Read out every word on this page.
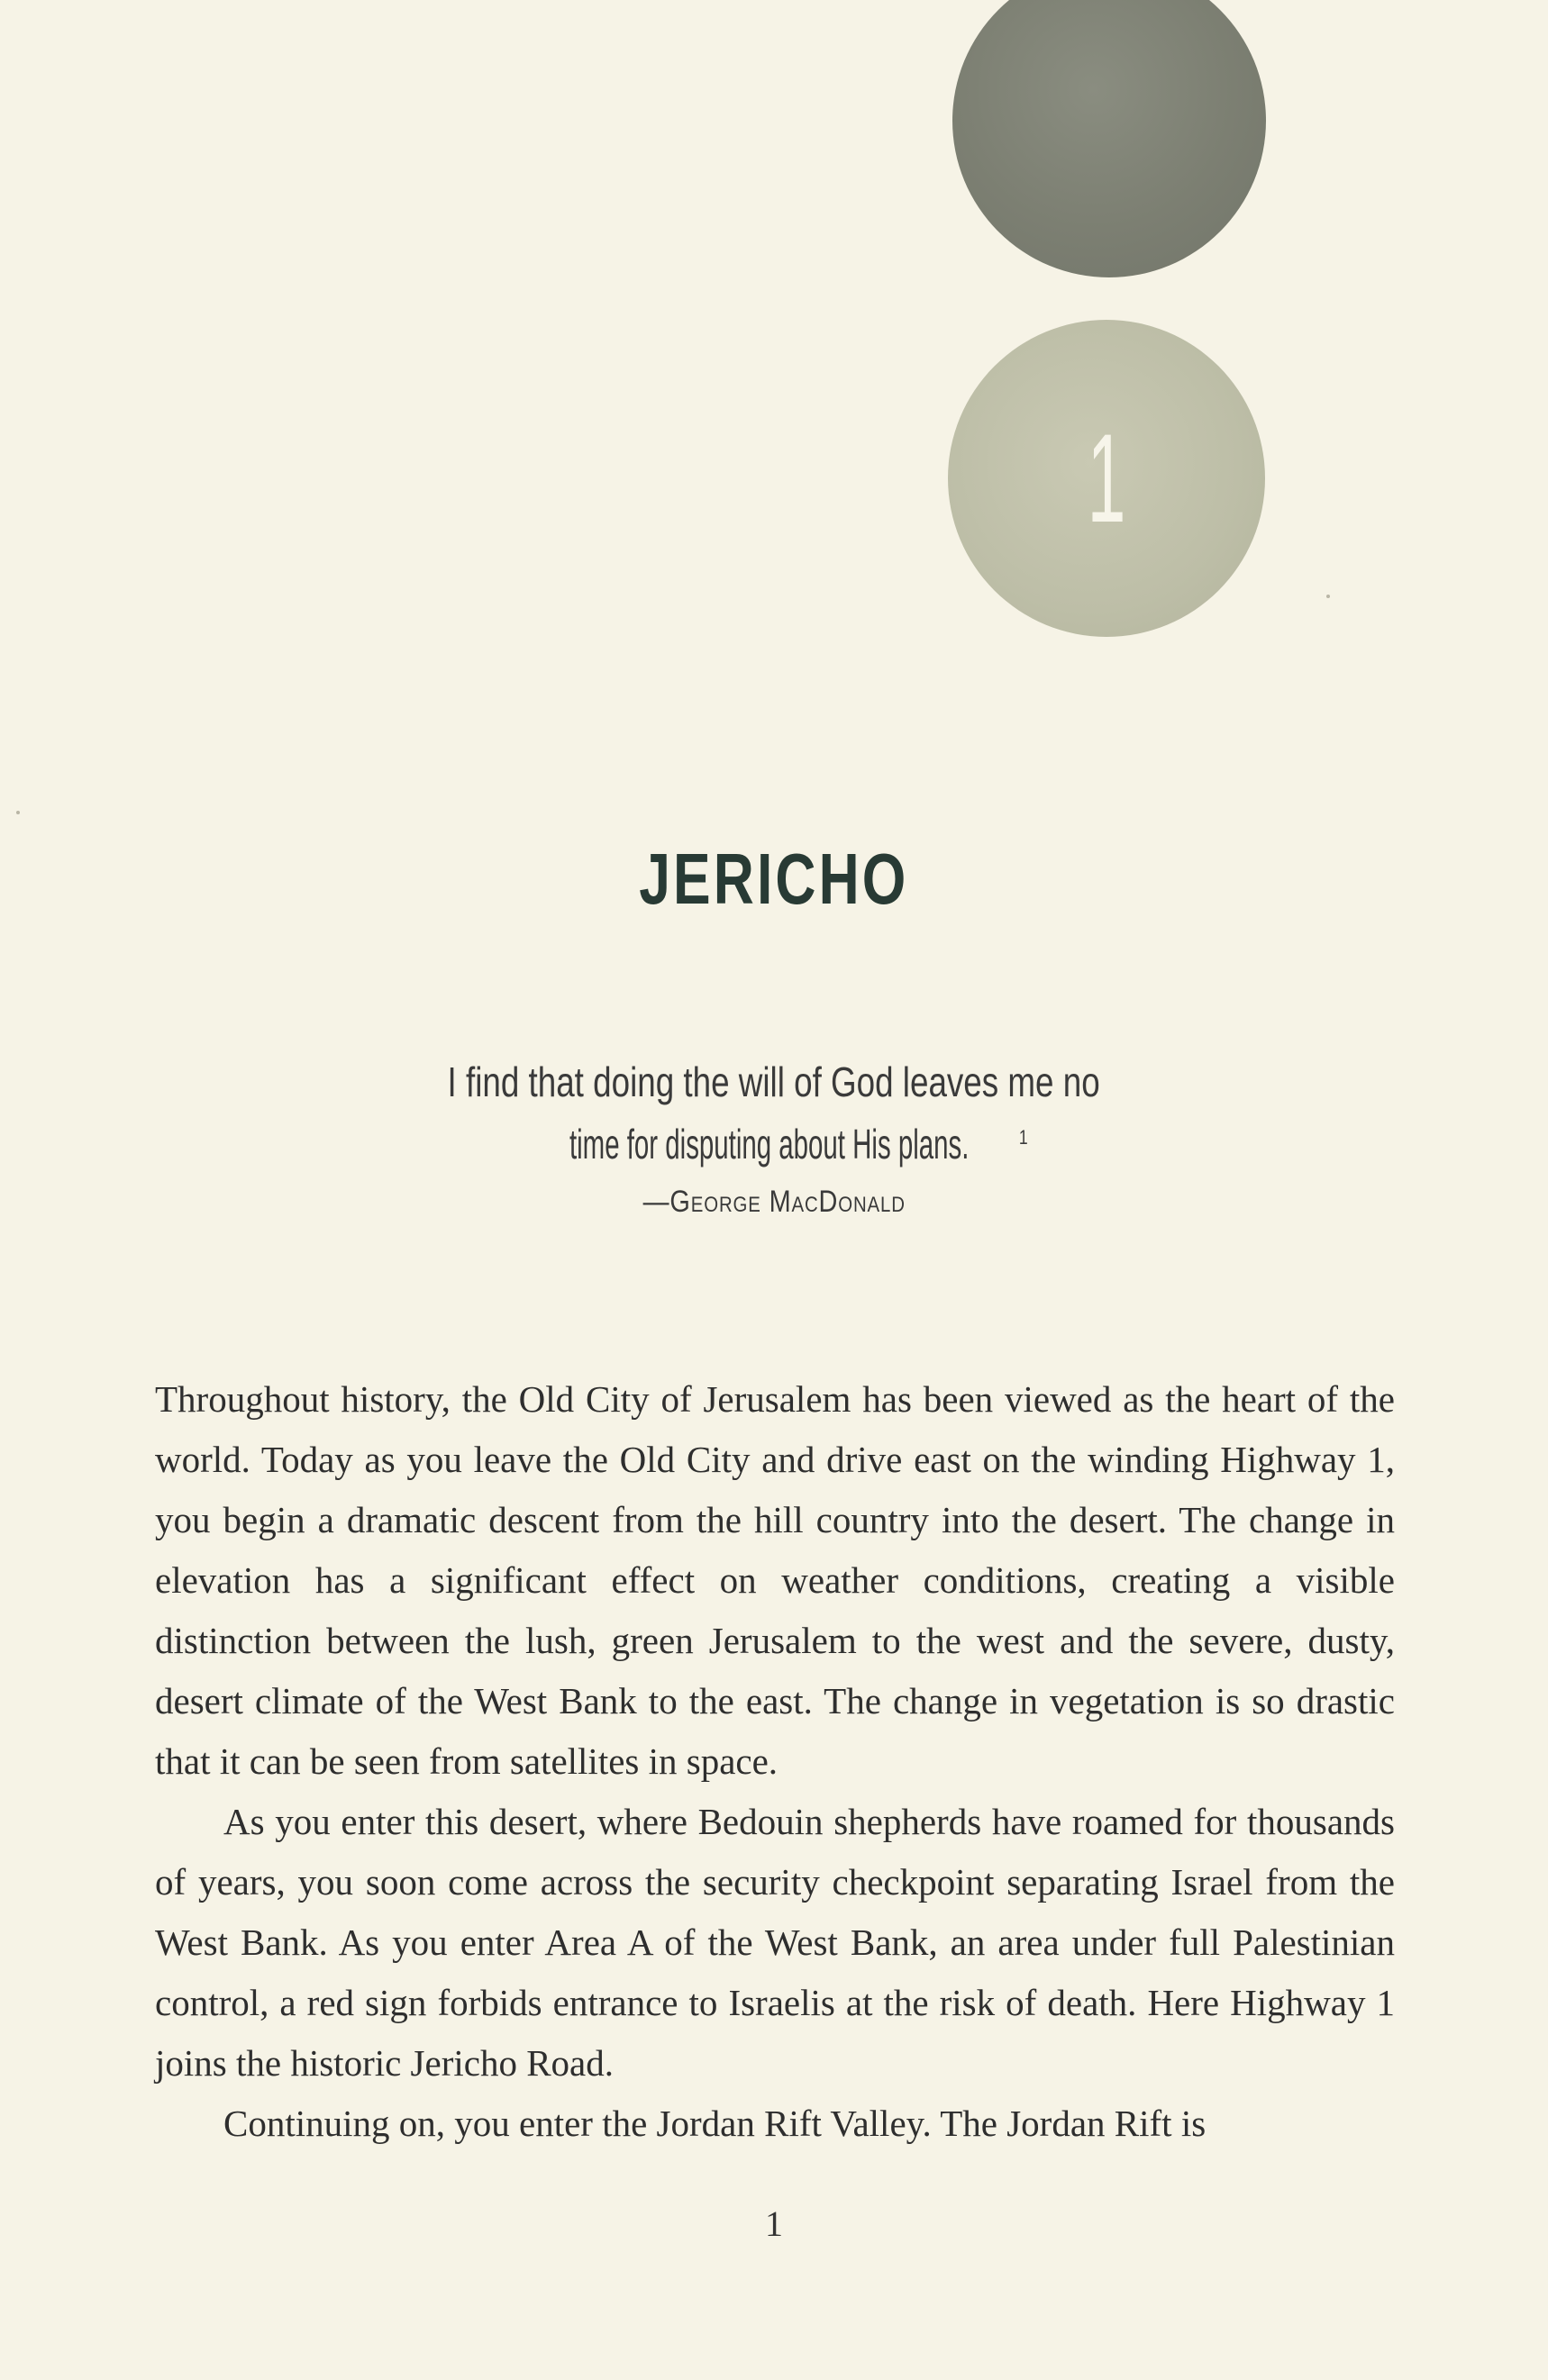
1
JERICHO
I find that doing the will of God leaves me no
time for disputing about His plans.	$^1$
—George MacDonald

Throughout history, the Old City of Jerusalem has been viewed as the heart of the world. Today as you leave the Old City and drive east on the winding Highway 1, you begin a dramatic descent from the hill country into the desert. The change in elevation has a significant effect on weather conditions, creating a visible distinction between the lush, green Jerusalem to the west and the severe, dusty, desert climate of the West Bank to the east. The change in vegetation is so drastic that it can be seen from satellites in space.

As you enter this desert, where Bedouin shepherds have roamed for thousands of years, you soon come across the security checkpoint separating Israel from the West Bank. As you enter Area A of the West Bank, an area under full Palestinian control, a red sign forbids entrance to Israelis at the risk of death. Here Highway 1 joins the historic Jericho Road.

Continuing on, you enter the Jordan Rift Valley. The Jordan Rift is

1
